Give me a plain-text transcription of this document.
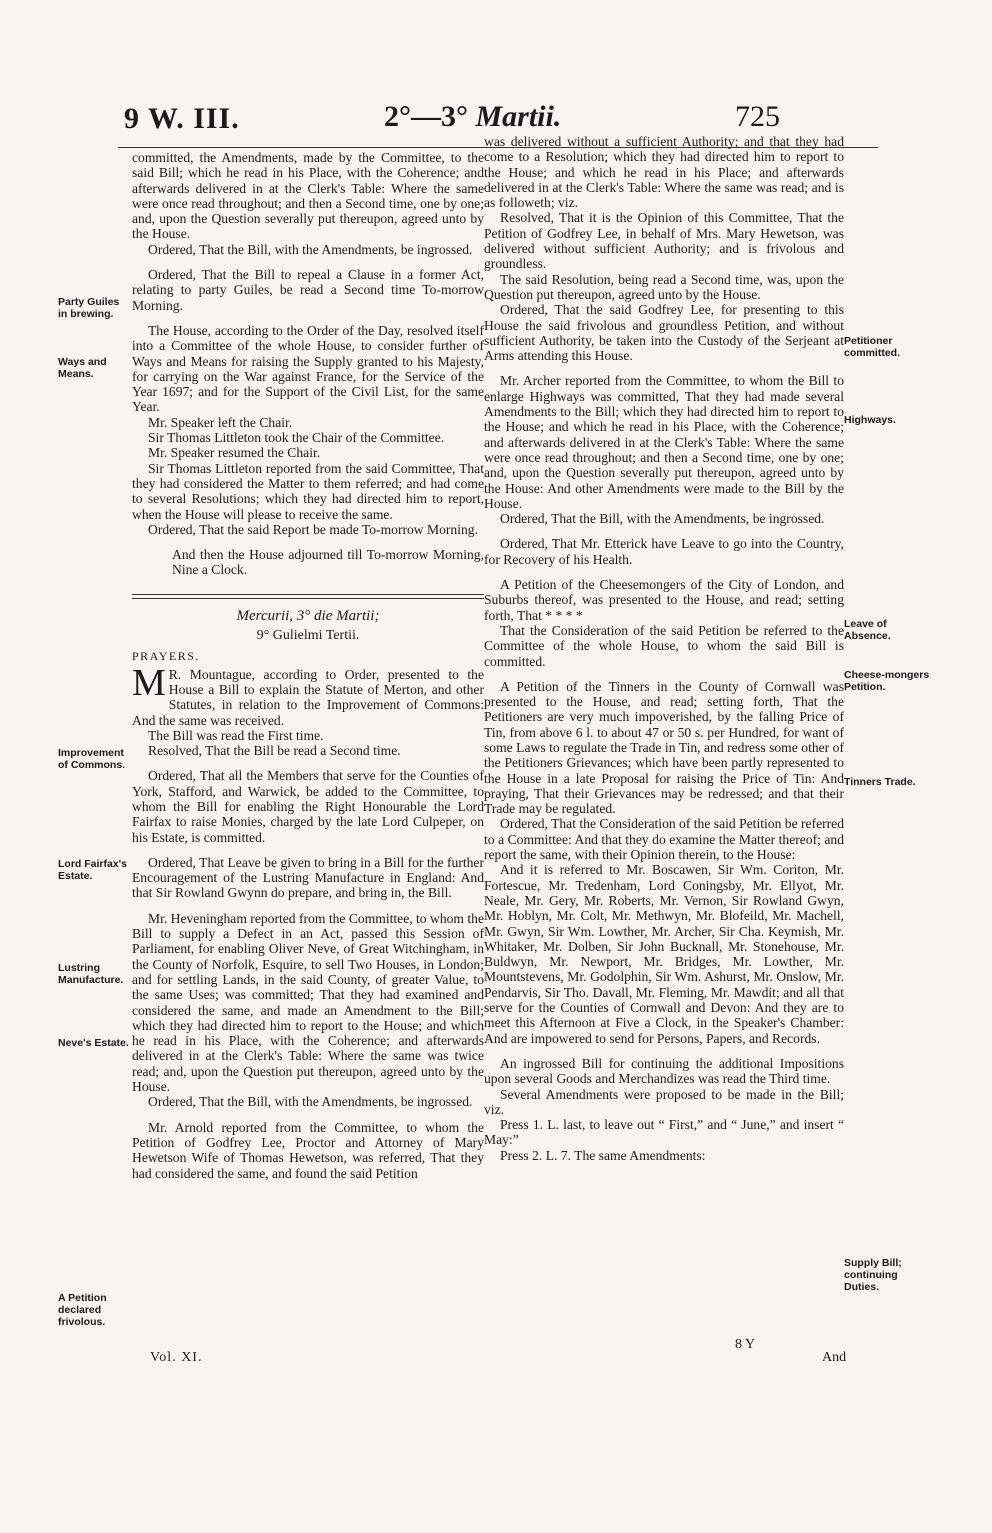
9 W. III.	2°—3° Martii.	725
Party Guiles in brewing.
Ways and Means.
Improvement of Commons.
Lord Fairfax's Estate.
Lustring Manufacture.
Neve's Estate.
A Petition declared frivolous.
Petitioner committed.
Highways.
Leave of Absence.
Cheese-mongers Petition.
Tinners Trade.
Supply Bill; continuing Duties.

committed, the Amendments, made by the Committee, to the said Bill; which he read in his Place, with the Coherence; and afterwards delivered in at the Clerk's Table: Where the same were once read throughout; and then a Second time, one by one; and, upon the Question severally put thereupon, agreed unto by the House.

Ordered, That the Bill, with the Amendments, be ingrossed.

Ordered, That the Bill to repeal a Clause in a former Act, relating to party Guiles, be read a Second time To-morrow Morning.

The House, according to the Order of the Day, resolved itself into a Committee of the whole House, to consider further of Ways and Means for raising the Supply granted to his Majesty, for carrying on the War against France, for the Service of the Year 1697; and for the Support of the Civil List, for the same Year.

Mr. Speaker left the Chair.

Sir Thomas Littleton took the Chair of the Committee.

Mr. Speaker resumed the Chair.

Sir Thomas Littleton reported from the said Committee, That they had considered the Matter to them referred; and had come to several Resolutions; which they had directed him to report, when the House will please to receive the same.

Ordered, That the said Report be made To-morrow Morning.

And then the House adjourned till To-morrow Morning, Nine a Clock.

Mercurii, 3° die Martii;
9° Gulielmi Tertii.
PRAYERS.

M R. Mountague, according to Order, presented to the House a Bill to explain the Statute of Merton, and other Statutes, in relation to the Improvement of Commons: And the same was received.

The Bill was read the First time.

Resolved, That the Bill be read a Second time.

Ordered, That all the Members that serve for the Counties of York, Stafford, and Warwick, be added to the Committee, to whom the Bill for enabling the Right Honourable the Lord Fairfax to raise Monies, charged by the late Lord Culpeper, on his Estate, is committed.

Ordered, That Leave be given to bring in a Bill for the further Encouragement of the Lustring Manufacture in England: And that Sir Rowland Gwynn do prepare, and bring in, the Bill.

Mr. Heveningham reported from the Committee, to whom the Bill to supply a Defect in an Act, passed this Session of Parliament, for enabling Oliver Neve, of Great Witchingham, in the County of Norfolk, Esquire, to sell Two Houses, in London; and for settling Lands, in the said County, of greater Value, to the same Uses; was committed; That they had examined and considered the same, and made an Amendment to the Bill; which they had directed him to report to the House; and which he read in his Place, with the Coherence; and afterwards delivered in at the Clerk's Table: Where the same was twice read; and, upon the Question put thereupon, agreed unto by the House.

Ordered, That the Bill, with the Amendments, be ingrossed.

Mr. Arnold reported from the Committee, to whom the Petition of Godfrey Lee, Proctor and Attorney of Mary Hewetson Wife of Thomas Hewetson, was referred, That they had considered the same, and found the said Petition

was delivered without a sufficient Authority; and that they had come to a Resolution; which they had directed him to report to the House; and which he read in his Place; and afterwards delivered in at the Clerk's Table: Where the same was read; and is as followeth; viz.

Resolved, That it is the Opinion of this Committee, That the Petition of Godfrey Lee, in behalf of Mrs. Mary Hewetson, was delivered without sufficient Authority; and is frivolous and groundless.

The said Resolution, being read a Second time, was, upon the Question put thereupon, agreed unto by the House.

Ordered, That the said Godfrey Lee, for presenting to this House the said frivolous and groundless Petition, and without sufficient Authority, be taken into the Custody of the Serjeant at Arms attending this House.

Mr. Archer reported from the Committee, to whom the Bill to enlarge Highways was committed, That they had made several Amendments to the Bill; which they had directed him to report to the House; and which he read in his Place, with the Coherence; and afterwards delivered in at the Clerk's Table: Where the same were once read throughout; and then a Second time, one by one; and, upon the Question severally put thereupon, agreed unto by the House: And other Amendments were made to the Bill by the House.

Ordered, That the Bill, with the Amendments, be ingrossed.

Ordered, That Mr. Etterick have Leave to go into the Country, for Recovery of his Health.

A Petition of the Cheesemongers of the City of London, and Suburbs thereof, was presented to the House, and read; setting forth, That * * * *

That the Consideration of the said Petition be referred to the Committee of the whole House, to whom the said Bill is committed.

A Petition of the Tinners in the County of Cornwall was presented to the House, and read; setting forth, That the Petitioners are very much impoverished, by the falling Price of Tin, from above 6 l. to about 47 or 50 s. per Hundred, for want of some Laws to regulate the Trade in Tin, and redress some other of the Petitioners Grievances; which have been partly represented to the House in a late Proposal for raising the Price of Tin: And praying, That their Grievances may be redressed; and that their Trade may be regulated.

Ordered, That the Consideration of the said Petition be referred to a Committee: And that they do examine the Matter thereof; and report the same, with their Opinion therein, to the House:

And it is referred to Mr. Boscawen, Sir Wm. Coriton, Mr. Fortescue, Mr. Tredenham, Lord Coningsby, Mr. Ellyot, Mr. Neale, Mr. Gery, Mr. Roberts, Mr. Vernon, Sir Rowland Gwyn, Mr. Hoblyn, Mr. Colt, Mr. Methwyn, Mr. Blofeild, Mr. Machell, Mr. Gwyn, Sir Wm. Lowther, Mr. Archer, Sir Cha. Keymish, Mr. Whitaker, Mr. Dolben, Sir John Bucknall, Mr. Stonehouse, Mr. Buldwyn, Mr. Newport, Mr. Bridges, Mr. Lowther, Mr. Mountstevens, Mr. Godolphin, Sir Wm. Ashurst, Mr. Onslow, Mr. Pendarvis, Sir Tho. Davall, Mr. Fleming, Mr. Mawdit; and all that serve for the Counties of Cornwall and Devon: And they are to meet this Afternoon at Five a Clock, in the Speaker's Chamber: And are impowered to send for Persons, Papers, and Records.

An ingrossed Bill for continuing the additional Impositions upon several Goods and Merchandizes was read the Third time.

Several Amendments were proposed to be made in the Bill; viz.

Press 1. L. last, to leave out “ First,” and “ June,” and insert “ May:”

Press 2. L. 7. The same Amendments:

Vol. XI.
8 Y
And
